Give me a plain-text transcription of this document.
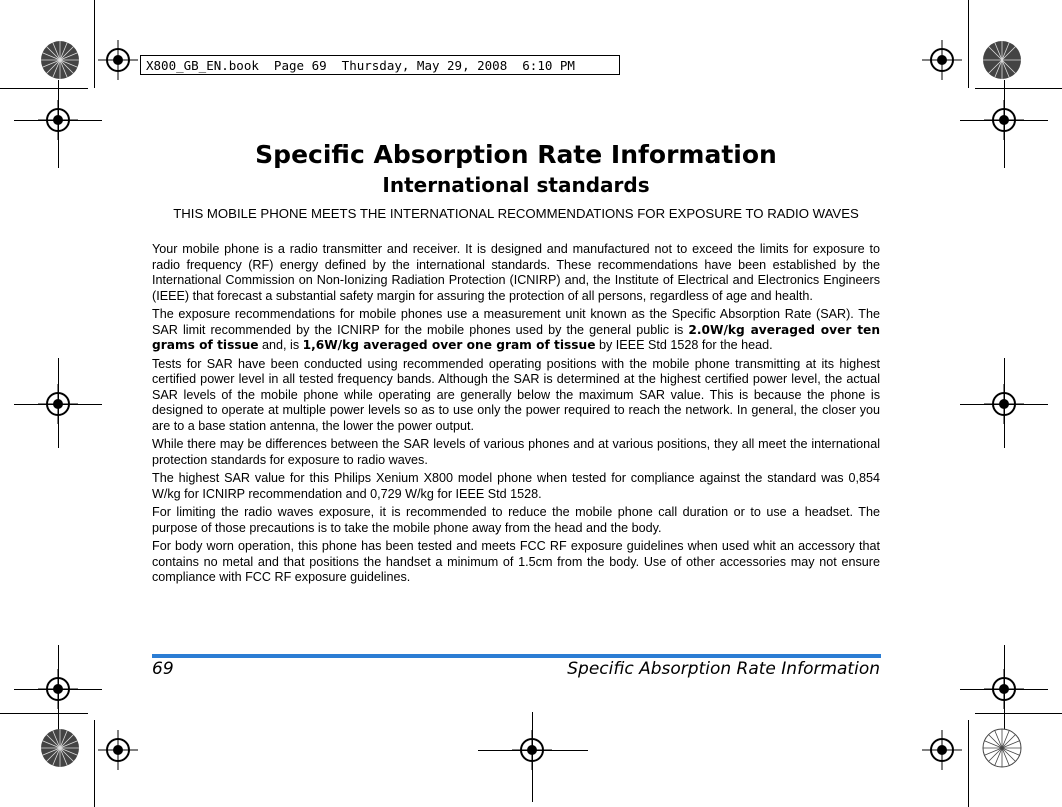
X800_GB_EN.book  Page 69  Thursday, May 29, 2008  6:10 PM
Specific Absorption Rate Information
International standards

THIS MOBILE PHONE MEETS THE INTERNATIONAL RECOMMENDATIONS FOR EXPOSURE TO RADIO WAVES

Your mobile phone is a radio transmitter and receiver. It is designed and manufactured not to exceed the limits for exposure to radio frequency (RF) energy defined by the international standards. These recommendations have been established by the International Commission on Non-Ionizing Radiation Protection (ICNIRP) and, the Institute of Electrical and Electronics Engineers (IEEE) that forecast a substantial safety margin for assuring the protection of all persons, regardless of age and health.

The exposure recommendations for mobile phones use a measurement unit known as the Specific Absorption Rate (SAR). The SAR limit recommended by the ICNIRP for the mobile phones used by the general public is 2.0W/kg averaged over ten grams of tissue and, is 1,6W/kg averaged over one gram of tissue by IEEE Std 1528 for the head.

Tests for SAR have been conducted using recommended operating positions with the mobile phone transmitting at its highest certified power level in all tested frequency bands. Although the SAR is determined at the highest certified power level, the actual SAR levels of the mobile phone while operating are generally below the maximum SAR value. This is because the phone is designed to operate at multiple power levels so as to use only the power required to reach the network. In general, the closer you are to a base station antenna, the lower the power output.

While there may be differences between the SAR levels of various phones and at various positions, they all meet the international protection standards for exposure to radio waves.

The highest SAR value for this Philips Xenium X800 model phone when tested for compliance against the standard was 0,854 W/kg for ICNIRP recommendation and 0,729 W/kg for IEEE Std 1528.

For limiting the radio waves exposure, it is recommended to reduce the mobile phone call duration or to use a headset. The purpose of those precautions is to take the mobile phone away from the head and the body.

For body worn operation, this phone has been tested and meets FCC RF exposure guidelines when used whit an accessory that contains no metal and that positions the handset a minimum of 1.5cm from the body. Use of other accessories may not ensure compliance with FCC RF exposure guidelines.

69	Specific Absorption Rate Information
